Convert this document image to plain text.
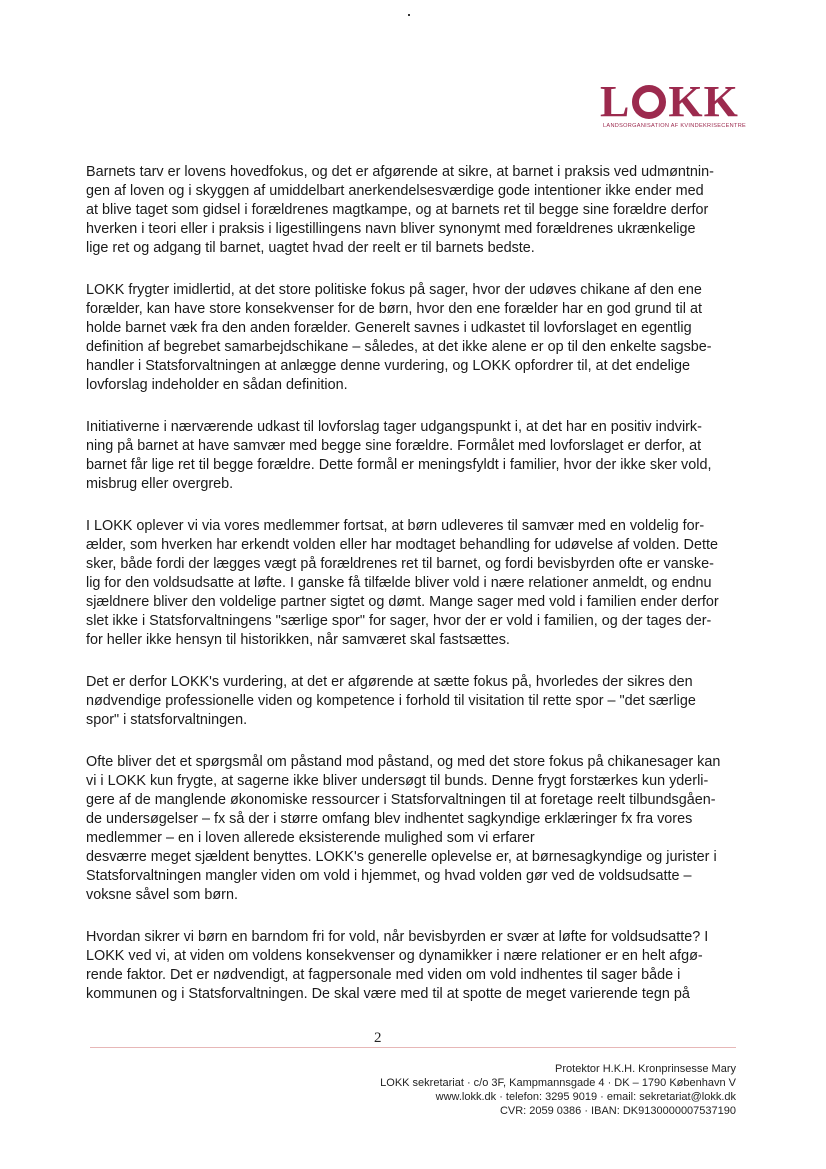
L KK
LANDSORGANISATION AF KVINDEKRISECENTRE

Barnets tarv er lovens hovedfokus, og det er afgørende at sikre, at barnet i praksis ved udmøntnin-
gen af loven og i skyggen af umiddelbart anerkendelsesværdige gode intentioner ikke ender med
at blive taget som gidsel i forældrenes magtkampe, og at barnets ret til begge sine forældre derfor
hverken i teori eller i praksis i ligestillingens navn bliver synonymt med forældrenes ukrænkelige
lige ret og adgang til barnet, uagtet hvad der reelt er til barnets bedste.

LOKK frygter imidlertid, at det store politiske fokus på sager, hvor der udøves chikane af den ene
forælder, kan have store konsekvenser for de børn, hvor den ene forælder har en god grund til at
holde barnet væk fra den anden forælder. Generelt savnes i udkastet til lovforslaget en egentlig
definition af begrebet samarbejdschikane – således, at det ikke alene er op til den enkelte sagsbe-
handler i Statsforvaltningen at anlægge denne vurdering, og LOKK opfordrer til, at det endelige
lovforslag indeholder en sådan definition.

Initiativerne i nærværende udkast til lovforslag tager udgangspunkt i, at det har en positiv indvirk-
ning på barnet at have samvær med begge sine forældre. Formålet med lovforslaget er derfor, at
barnet får lige ret til begge forældre. Dette formål er meningsfyldt i familier, hvor der ikke sker vold,
misbrug eller overgreb.

I LOKK oplever vi via vores medlemmer fortsat, at børn udleveres til samvær med en voldelig for-
ælder, som hverken har erkendt volden eller har modtaget behandling for udøvelse af volden. Dette
sker, både fordi der lægges vægt på forældrenes ret til barnet, og fordi bevisbyrden ofte er vanske-
lig for den voldsudsatte at løfte. I ganske få tilfælde bliver vold i nære relationer anmeldt, og endnu
sjældnere bliver den voldelige partner sigtet og dømt. Mange sager med vold i familien ender derfor
slet ikke i Statsforvaltningens "særlige spor" for sager, hvor der er vold i familien, og der tages der-
for heller ikke hensyn til historikken, når samværet skal fastsættes.

Det er derfor LOKK's vurdering, at det er afgørende at sætte fokus på, hvorledes der sikres den
nødvendige professionelle viden og kompetence i forhold til visitation til rette spor – "det særlige
spor" i statsforvaltningen.

Ofte bliver det et spørgsmål om påstand mod påstand, og med det store fokus på chikanesager kan
vi i LOKK kun frygte, at sagerne ikke bliver undersøgt til bunds. Denne frygt forstærkes kun yderli-
gere af de manglende økonomiske ressourcer i Statsforvaltningen til at foretage reelt tilbundsgåen-
de undersøgelser – fx så der i større omfang blev indhentet sagkyndige erklæringer fx fra vores
medlemmer – en i loven allerede eksisterende mulighed som vi erfarer
desværre meget sjældent benyttes. LOKK's generelle oplevelse er, at børnesagkyndige og jurister i
Statsforvaltningen mangler viden om vold i hjemmet, og hvad volden gør ved de voldsudsatte –
voksne såvel som børn.

Hvordan sikrer vi børn en barndom fri for vold, når bevisbyrden er svær at løfte for voldsudsatte? I
LOKK ved vi, at viden om voldens konsekvenser og dynamikker i nære relationer er en helt afgø-
rende faktor. Det er nødvendigt, at fagpersonale med viden om vold indhentes til sager både i
kommunen og i Statsforvaltningen. De skal være med til at spotte de meget varierende tegn på

2
Protektor H.K.H. Kronprinsesse Mary
LOKK sekretariat · c/o 3F, Kampmannsgade 4 · DK – 1790 København V
www.lokk.dk · telefon: 3295 9019 · email: sekretariat@lokk.dk
CVR: 2059 0386 · IBAN: DK9130000007537190
